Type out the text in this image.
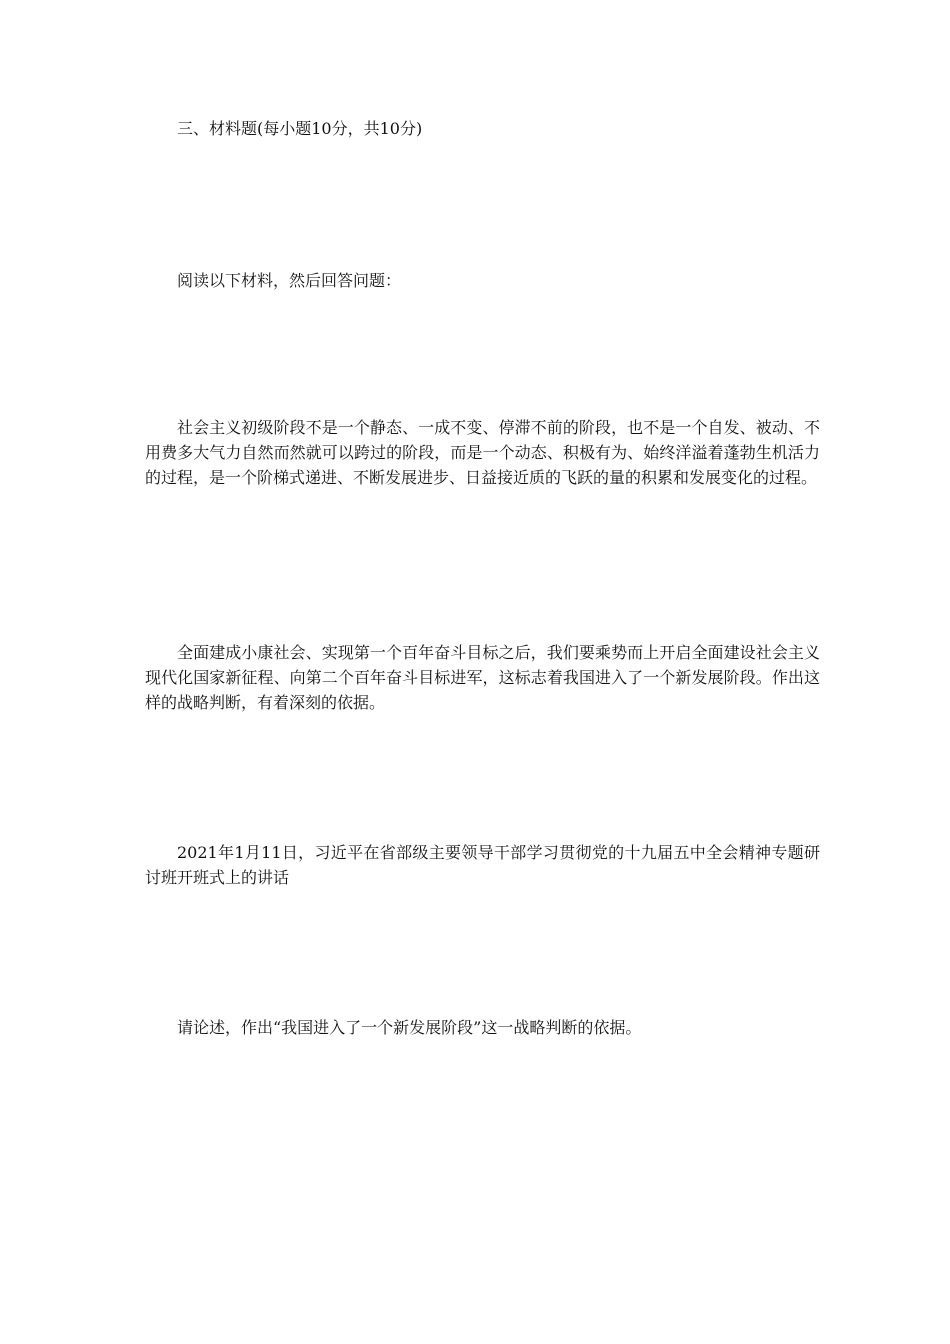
三、材料题(每小题10分，共10分)

阅读以下材料，然后回答问题：

社会主义初级阶段不是一个静态、一成不变、停滞不前的阶段，也不是一个自发、被动、不用费多大气力自然而然就可以跨过的阶段，而是一个动态、积极有为、始终洋溢着蓬勃生机活力的过程，是一个阶梯式递进、不断发展进步、日益接近质的飞跃的量的积累和发展变化的过程。

全面建成小康社会、实现第一个百年奋斗目标之后，我们要乘势而上开启全面建设社会主义现代化国家新征程、向第二个百年奋斗目标进军，这标志着我国进入了一个新发展阶段。作出这样的战略判断，有着深刻的依据。

2021年1月11日，习近平在省部级主要领导干部学习贯彻党的十九届五中全会精神专题研讨班开班式上的讲话

请论述，作出“我国进入了一个新发展阶段”这一战略判断的依据。
